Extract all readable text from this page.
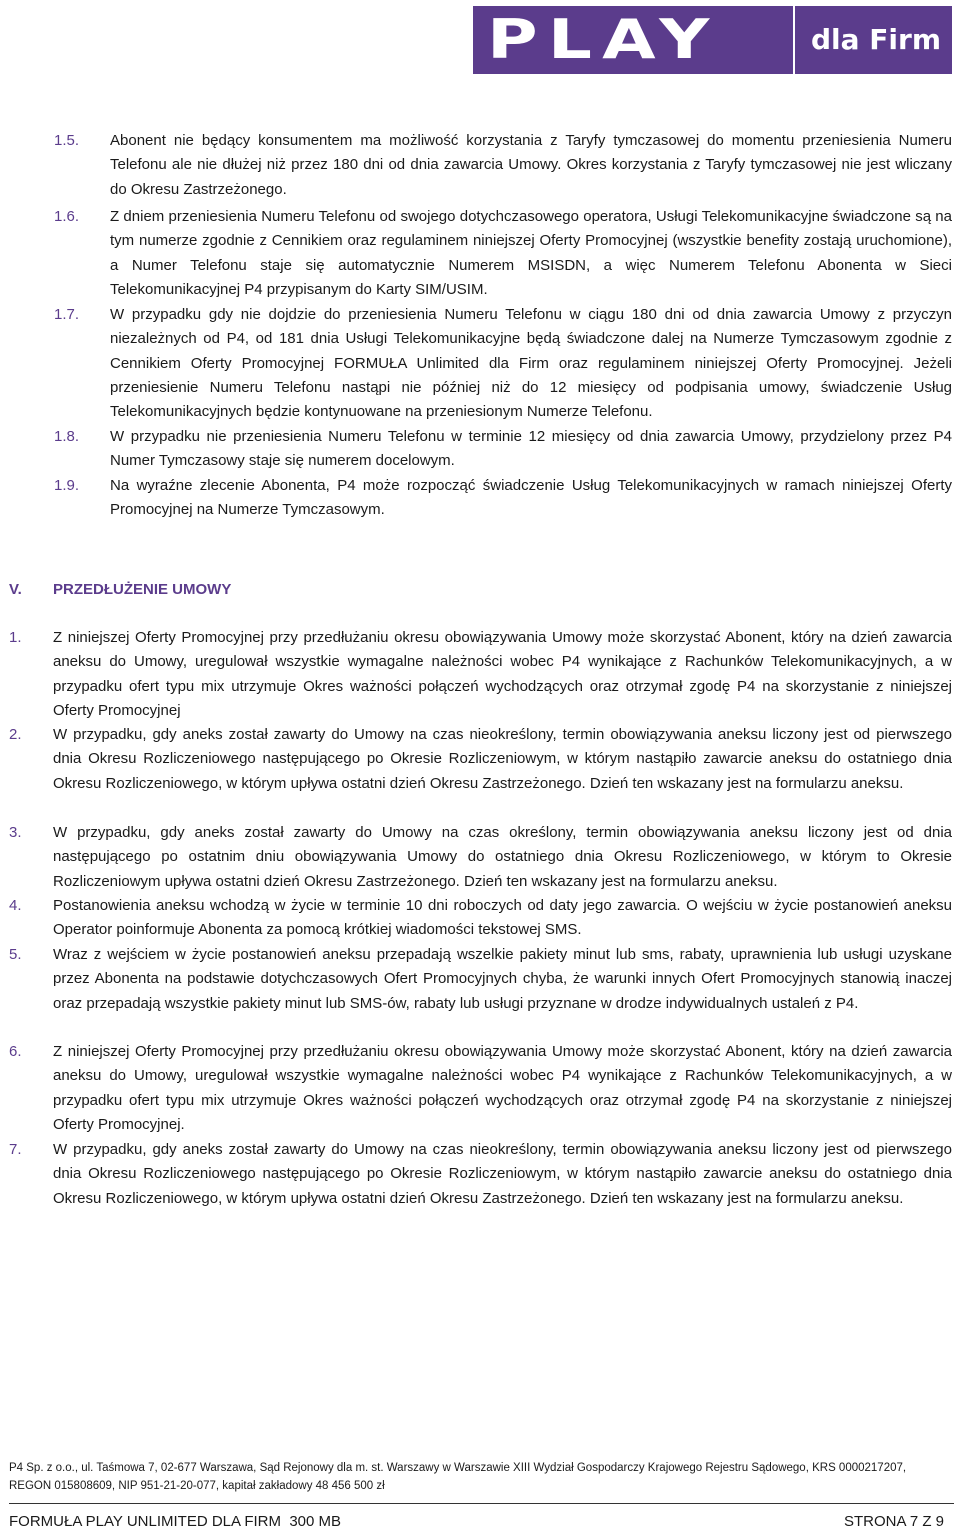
PLAY	dla Firm
1.5. Abonent nie będący konsumentem ma możliwość korzystania z Taryfy tymczasowej do momentu przeniesienia Numeru Telefonu ale nie dłużej niż przez 180 dni od dnia zawarcia Umowy. Okres korzystania z Taryfy tymczasowej nie jest wliczany do Okresu Zastrzeżonego.
1.6. Z dniem przeniesienia Numeru Telefonu od swojego dotychczasowego operatora, Usługi Telekomunikacyjne świadczone są na tym numerze zgodnie z Cennikiem oraz regulaminem niniejszej Oferty Promocyjnej (wszystkie benefity zostają uruchomione), a Numer Telefonu staje się automatycznie Numerem MSISDN, a więc Numerem Telefonu Abonenta w Sieci Telekomunikacyjnej P4 przypisanym do Karty SIM/USIM.
1.7. W przypadku gdy nie dojdzie do przeniesienia Numeru Telefonu w ciągu 180 dni od dnia zawarcia Umowy z przyczyn niezależnych od P4, od 181 dnia Usługi Telekomunikacyjne będą świadczone dalej na Numerze Tymczasowym zgodnie z Cennikiem Oferty Promocyjnej FORMUŁA Unlimited dla Firm oraz regulaminem niniejszej Oferty Promocyjnej. Jeżeli przeniesienie Numeru Telefonu nastąpi nie później niż do 12 miesięcy od podpisania umowy, świadczenie Usług Telekomunikacyjnych będzie kontynuowane na przeniesionym Numerze Telefonu.
1.8. W przypadku nie przeniesienia Numeru Telefonu w terminie 12 miesięcy od dnia zawarcia Umowy, przydzielony przez P4 Numer Tymczasowy staje się numerem docelowym.
1.9. Na wyraźne zlecenie Abonenta, P4 może rozpocząć świadczenie Usług Telekomunikacyjnych w ramach niniejszej Oferty Promocyjnej na Numerze Tymczasowym.
V. PRZEDŁUŻENIE UMOWY
1. Z niniejszej Oferty Promocyjnej przy przedłużaniu okresu obowiązywania Umowy może skorzystać Abonent, który na dzień zawarcia aneksu do Umowy, uregulował wszystkie wymagalne należności wobec P4 wynikające z Rachunków Telekomunikacyjnych, a w przypadku ofert typu mix utrzymuje Okres ważności połączeń wychodzących oraz otrzymał zgodę P4 na skorzystanie z niniejszej Oferty Promocyjnej
2. W przypadku, gdy aneks został zawarty do Umowy na czas nieokreślony, termin obowiązywania aneksu liczony jest od pierwszego dnia Okresu Rozliczeniowego następującego po Okresie Rozliczeniowym, w którym nastąpiło zawarcie aneksu do ostatniego dnia Okresu Rozliczeniowego, w którym upływa ostatni dzień Okresu Zastrzeżonego. Dzień ten wskazany jest na formularzu aneksu.
3. W przypadku, gdy aneks został zawarty do Umowy na czas określony, termin obowiązywania aneksu liczony jest od dnia następującego po ostatnim dniu obowiązywania Umowy do ostatniego dnia Okresu Rozliczeniowego, w którym to Okresie Rozliczeniowym upływa ostatni dzień Okresu Zastrzeżonego. Dzień ten wskazany jest na formularzu aneksu.
4. Postanowienia aneksu wchodzą w życie w terminie 10 dni roboczych od daty jego zawarcia. O wejściu w życie postanowień aneksu Operator poinformuje Abonenta za pomocą krótkiej wiadomości tekstowej SMS.
5. Wraz z wejściem w życie postanowień aneksu przepadają wszelkie pakiety minut lub sms, rabaty, uprawnienia lub usługi uzyskane przez Abonenta na podstawie dotychczasowych Ofert Promocyjnych chyba, że warunki innych Ofert Promocyjnych stanowią inaczej oraz przepadają wszystkie pakiety minut lub SMS-ów, rabaty lub usługi przyznane w drodze indywidualnych ustaleń z P4.
6. Z niniejszej Oferty Promocyjnej przy przedłużaniu okresu obowiązywania Umowy może skorzystać Abonent, który na dzień zawarcia aneksu do Umowy, uregulował wszystkie wymagalne należności wobec P4 wynikające z Rachunków Telekomunikacyjnych, a w przypadku ofert typu mix utrzymuje Okres ważności połączeń wychodzących oraz otrzymał zgodę P4 na skorzystanie z niniejszej Oferty Promocyjnej.
7. W przypadku, gdy aneks został zawarty do Umowy na czas nieokreślony, termin obowiązywania aneksu liczony jest od pierwszego dnia Okresu Rozliczeniowego następującego po Okresie Rozliczeniowym, w którym nastąpiło zawarcie aneksu do ostatniego dnia Okresu Rozliczeniowego, w którym upływa ostatni dzień Okresu Zastrzeżonego. Dzień ten wskazany jest na formularzu aneksu.
P4 Sp. z o.o., ul. Taśmowa 7, 02-677 Warszawa, Sąd Rejonowy dla m. st. Warszawy w Warszawie XIII Wydział Gospodarczy Krajowego Rejestru Sądowego, KRS 0000217207,
REGON 015808609, NIP 951-21-20-077, kapitał zakładowy 48 456 500 zł
FORMUŁA PLAY UNLIMITED DLA FIRM  300 MB	STRONA 7 Z 9
